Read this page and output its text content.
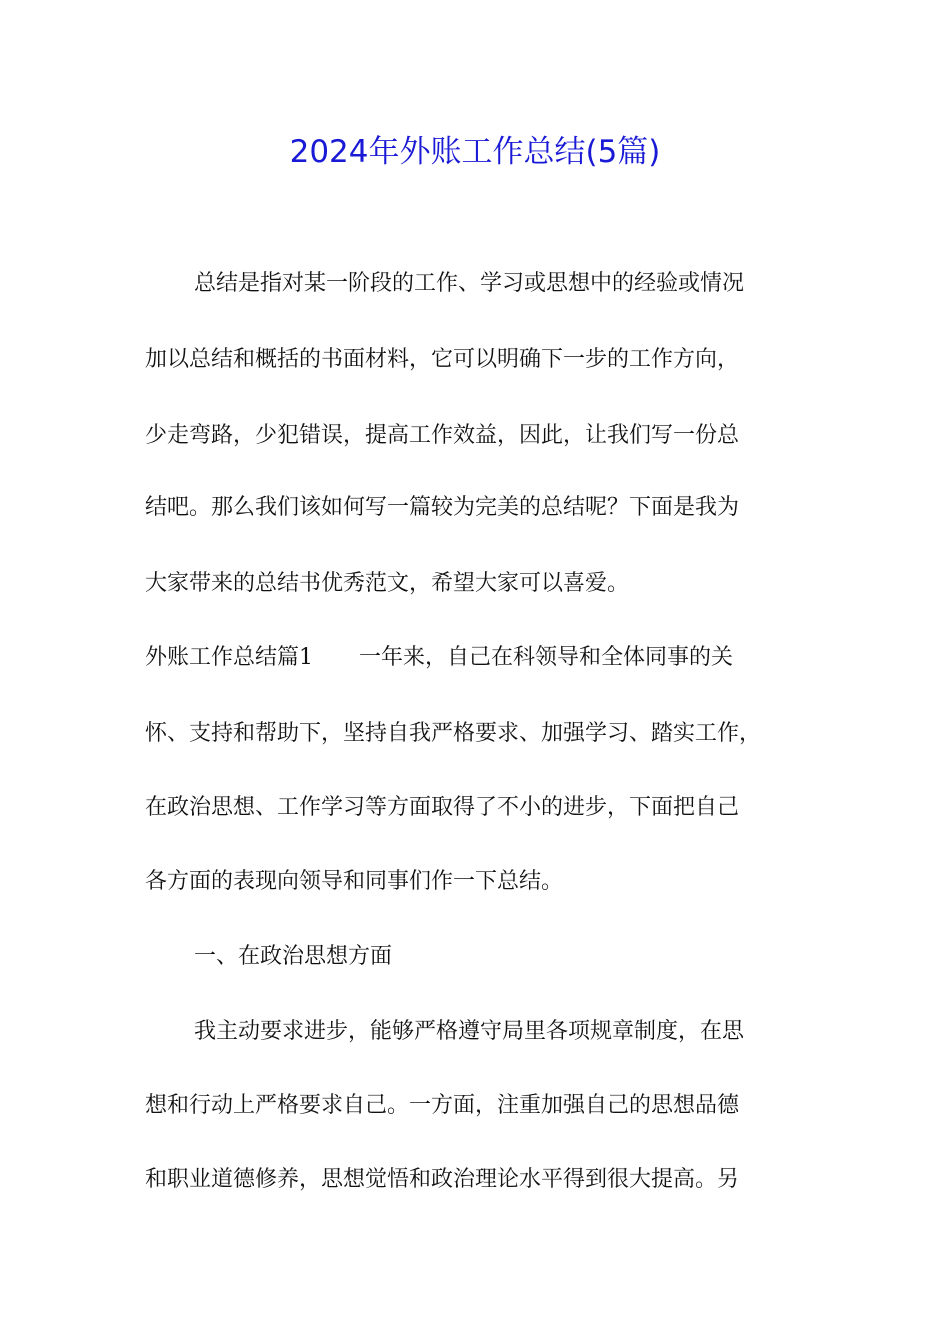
2024年外账工作总结(5篇)
总结是指对某一阶段的工作、学习或思想中的经验或情况
加以总结和概括的书面材料，它可以明确下一步的工作方向，
少走弯路，少犯错误，提高工作效益，因此，让我们写一份总
结吧。那么我们该如何写一篇较为完美的总结呢？下面是我为
大家带来的总结书优秀范文，希望大家可以喜爱。
外账工作总结篇1 一年来，自己在科领导和全体同事的关
怀、支持和帮助下，坚持自我严格要求、加强学习、踏实工作，
在政治思想、工作学习等方面取得了不小的进步，下面把自己
各方面的表现向领导和同事们作一下总结。
一、在政治思想方面
我主动要求进步，能够严格遵守局里各项规章制度，在思
想和行动上严格要求自己。一方面，注重加强自己的思想品德
和职业道德修养，思想觉悟和政治理论水平得到很大提高。另
